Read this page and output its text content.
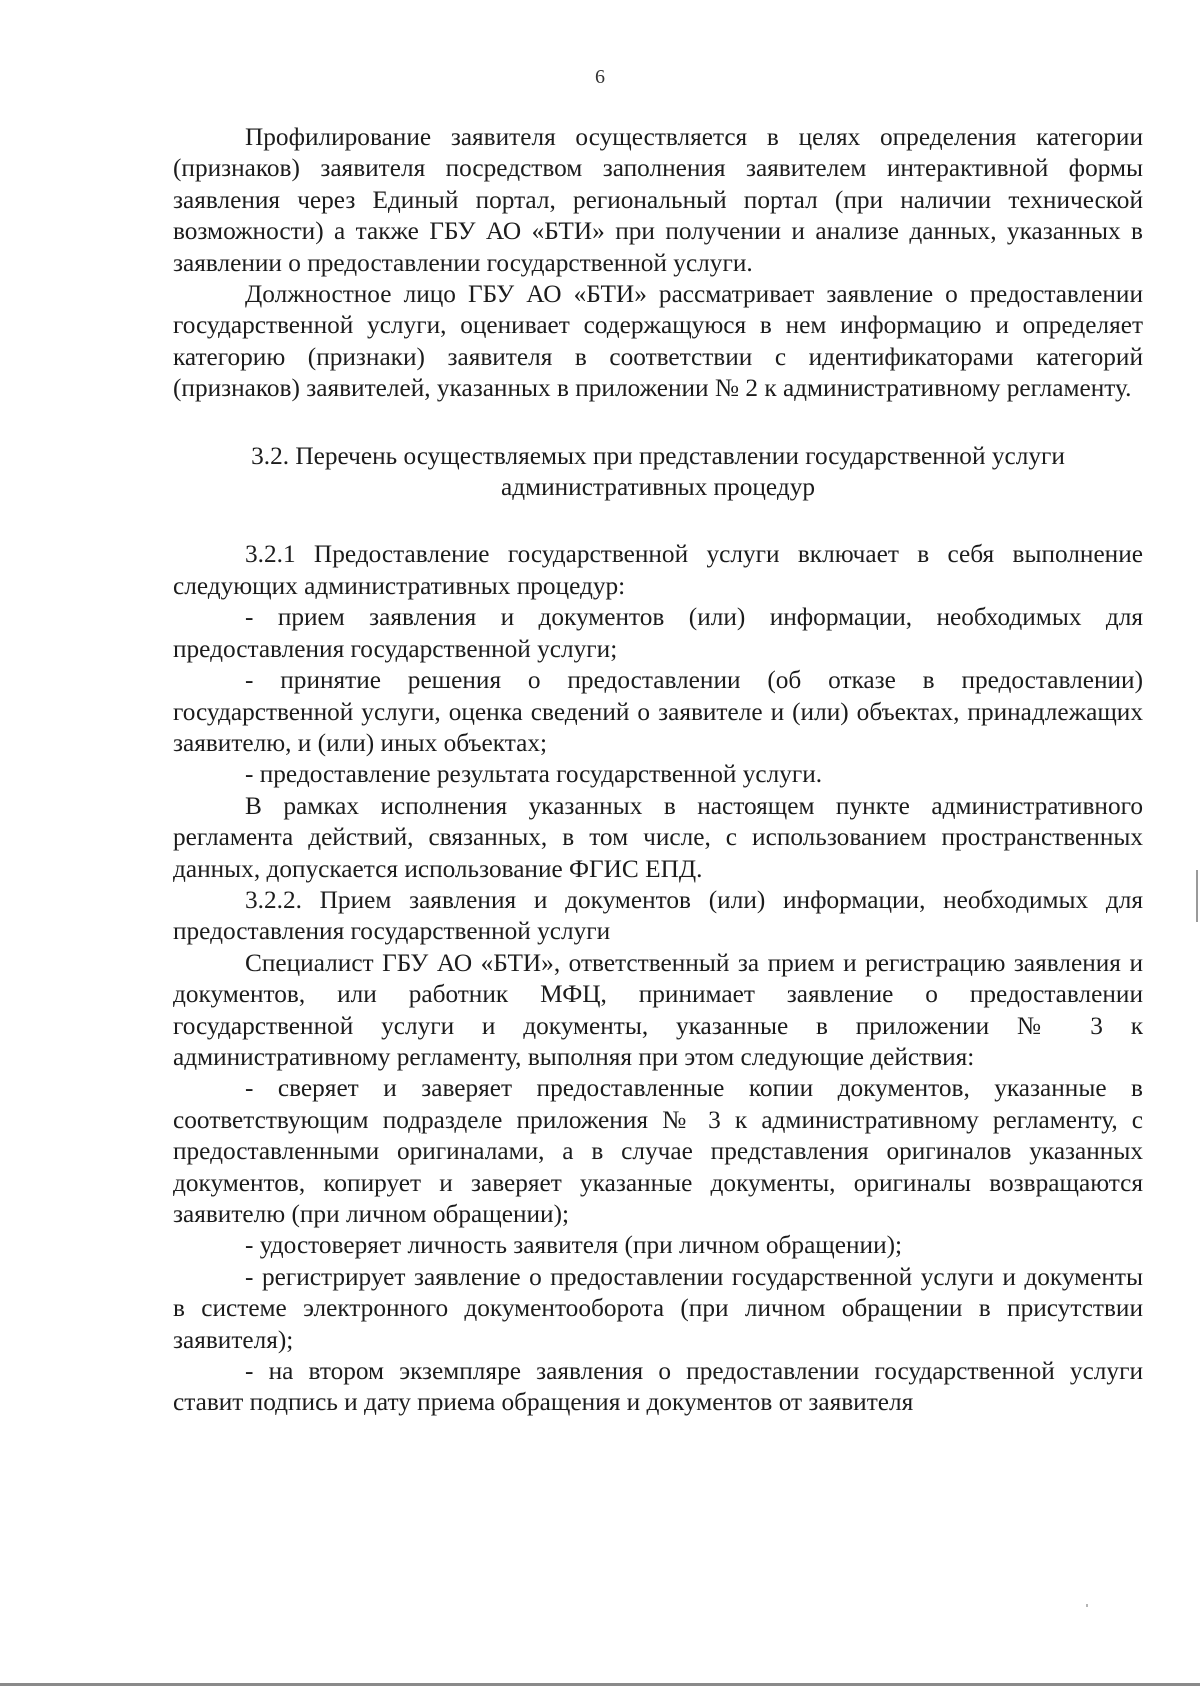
6

Профилирование заявителя осуществляется в целях определения категории (признаков) заявителя посредством заполнения заявителем интерактивной формы заявления через Единый портал, региональный портал (при наличии технической возможности) а также ГБУ АО «БТИ» при получении и анализе данных, указанных в заявлении о предоставлении государственной услуги.

Должностное лицо ГБУ АО «БТИ» рассматривает заявление о предоставлении государственной услуги, оценивает содержащуюся в нем информацию и определяет категорию (признаки) заявителя в соответствии с идентификаторами категорий (признаков) заявителей, указанных в приложении № 2 к административному регламенту.

3.2. Перечень осуществляемых при представлении государственной услуги административных процедур

3.2.1 Предоставление государственной услуги включает в себя выполнение следующих административных процедур:

- прием заявления и документов (или) информации, необходимых для предоставления государственной услуги;

- принятие решения о предоставлении (об отказе в предоставлении) государственной услуги, оценка сведений о заявителе и (или) объектах, принадлежащих заявителю, и (или) иных объектах;

- предоставление результата государственной услуги.

В рамках исполнения указанных в настоящем пункте административного регламента действий, связанных, в том числе, с использованием пространственных данных, допускается использование ФГИС ЕПД.

3.2.2. Прием заявления и документов (или) информации, необходимых для предоставления государственной услуги

Специалист ГБУ АО «БТИ», ответственный за прием и регистрацию заявления и документов, или работник МФЦ, принимает заявление о предоставлении государственной услуги и документы, указанные в приложении № 3 к административному регламенту, выполняя при этом следующие действия:

- сверяет и заверяет предоставленные копии документов, указанные в соответствующим подразделе приложения № 3 к административному регламенту, с предоставленными оригиналами, а в случае представления оригиналов указанных документов, копирует и заверяет указанные документы, оригиналы возвращаются заявителю (при личном обращении);

- удостоверяет личность заявителя (при личном обращении);

- регистрирует заявление о предоставлении государственной услуги и документы в системе электронного документооборота (при личном обращении в присутствии заявителя);

- на втором экземпляре заявления о предоставлении государственной услуги ставит подпись и дату приема обращения и документов от заявителя
